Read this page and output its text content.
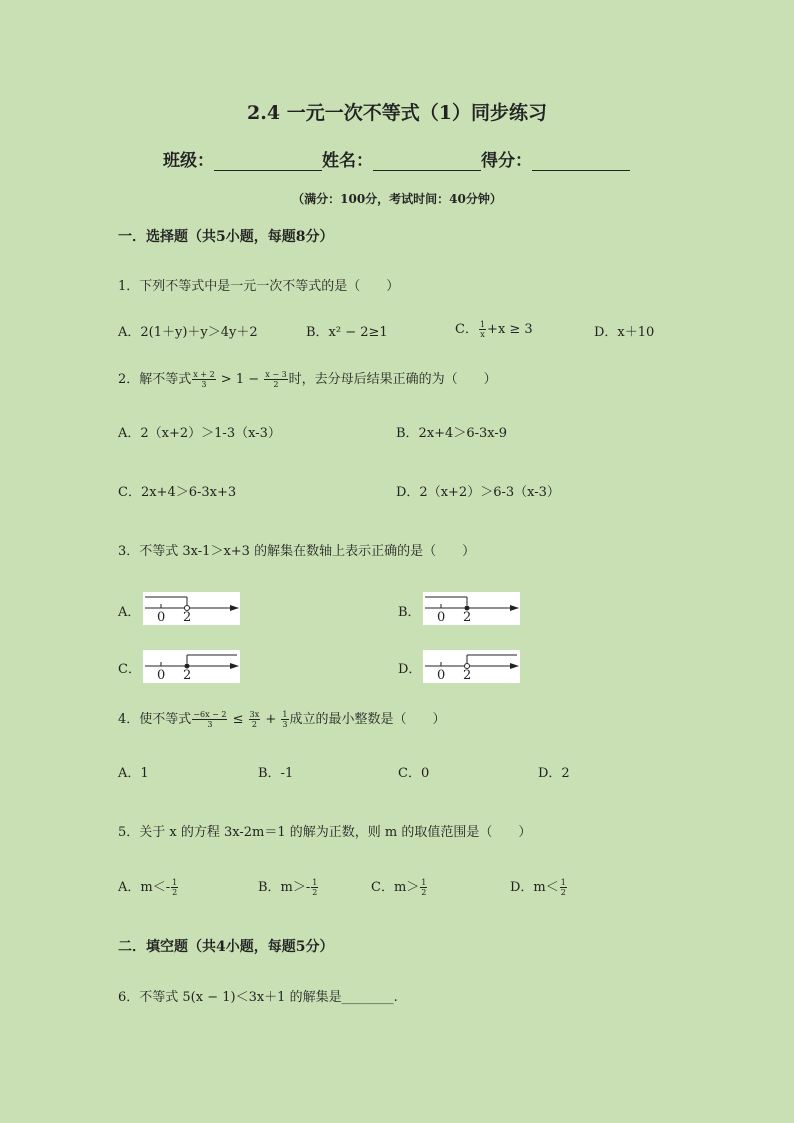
2.4 一元一次不等式（1）同步练习
班级：	姓名：	得分：
（满分：100分，考试时间：40分钟）
一．选择题（共5小题，每题8分）
1．下列不等式中是一元一次不等式的是（　　）
A．2(1＋y)＋y＞4y＋2	B．x² − 2≥1	C． $\frac{1}{x} +x \ge 3$	D．x＋10
2．解不等式 $\frac{x + 2}{3} > 1 - \frac{x - 3}{2}$ 时，去分母后结果正确的为（　　）
A．2（x+2）＞1-3（x-3）	B．2x+4＞6-3x-9
C．2x+4＞6-3x+3	D．2（x+2）＞6-3（x-3）
3．不等式 3x-1＞x+3 的解集在数轴上表示正确的是（　　）
A． 0 2	B． 0 2
C． 0 2	D． 0 2
4．使不等式 $\frac{-6x - 2}{3} \le \frac{3x}{2} + \frac{1}{3}$ 成立的最小整数是（　　）
A．1	B．-1	C．0	D．2
5．关于 x 的方程 3x-2m＝1 的解为正数，则 m 的取值范围是（　　）
A．$m<- \frac{1}{2}$	B．$m>- \frac{1}{2}$	C．$m> \frac{1}{2}$	D．$m< \frac{1}{2}$
二．填空题（共4小题，每题5分）
6．不等式 5(x − 1)＜3x＋1 的解集是________.
